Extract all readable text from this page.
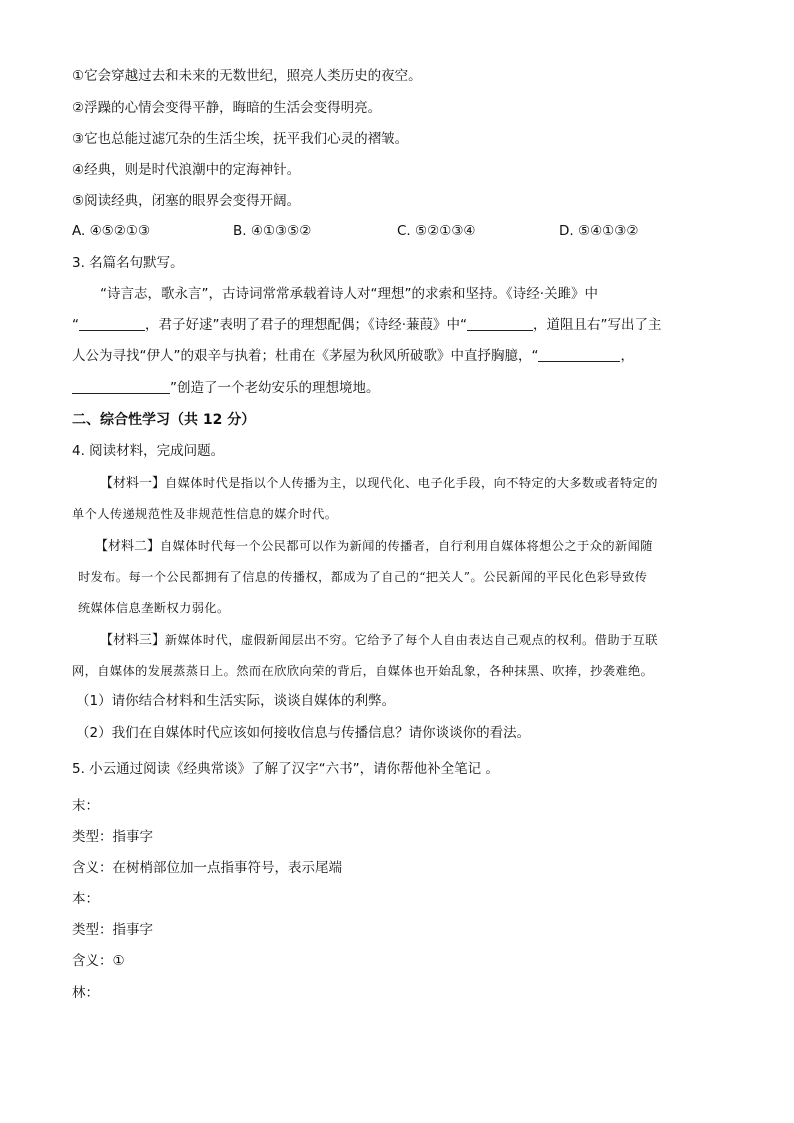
①它会穿越过去和未来的无数世纪，照亮人类历史的夜空。
②浮躁的心情会变得平静，晦暗的生活会变得明亮。
③它也总能过滤冗杂的生活尘埃，抚平我们心灵的褶皱。
④经典，则是时代浪潮中的定海神针。
⑤阅读经典，闭塞的眼界会变得开阔。
A. ④⑤②①③	B. ④①③⑤②	C. ⑤②①③④	D. ⑤④①③②
3. 名篇名句默写。
“诗言志，歌永言”，古诗词常常承载着诗人对“理想”的求索和坚持。《诗经·关雎》中
“	，君子好逑”表明了君子的理想配偶；《诗经·蒹葭》中“	，道阻且右”写出了主
人公为寻找“伊人”的艰辛与执着；杜甫在《茅屋为秋风所破歌》中直抒胸臆，“	，
”创造了一个老幼安乐的理想境地。
二、综合性学习（共 12 分）
4. 阅读材料，完成问题。
【材料一】自媒体时代是指以个人传播为主，以现代化、电子化手段，向不特定的大多数或者特定的
单个人传递规范性及非规范性信息的媒介时代。
【材料二】自媒体时代每一个公民都可以作为新闻的传播者，自行利用自媒体将想公之于众的新闻随
时发布。每一个公民都拥有了信息的传播权，都成为了自己的“把关人”。公民新闻的平民化色彩导致传
统媒体信息垄断权力弱化。
【材料三】新媒体时代，虚假新闻层出不穷。它给予了每个人自由表达自己观点的权利。借助于互联
网，自媒体的发展蒸蒸日上。然而在欣欣向荣的背后，自媒体也开始乱象，各种抹黑、吹捧，抄袭难绝。
（1）请你结合材料和生活实际，谈谈自媒体的利弊。
（2）我们在自媒体时代应该如何接收信息与传播信息？请你谈谈你的看法。
5. 小云通过阅读《经典常谈》了解了汉字“六书”，请你帮他补全笔记 。
末：
类型：指事字
含义：在树梢部位加一点指事符号，表示尾端
本：
类型：指事字
含义：①
林：
